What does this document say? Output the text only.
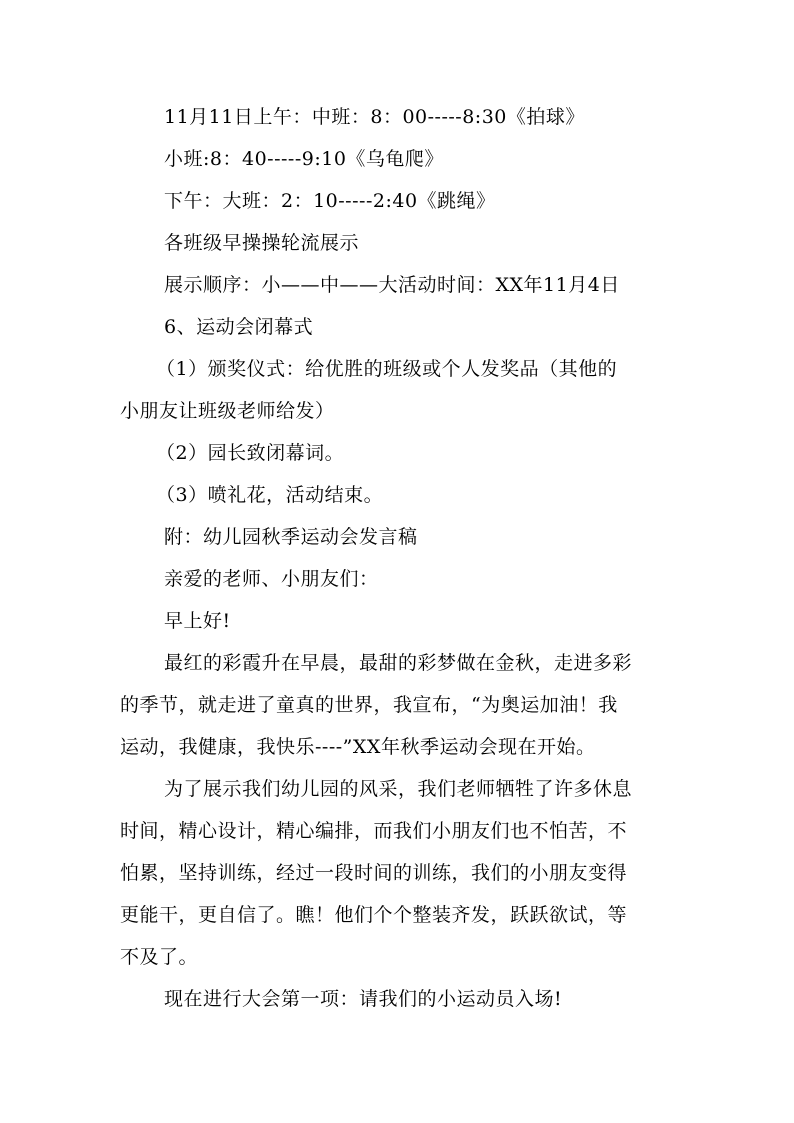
11月11日上午：中班：8：00-----8:30《拍球》
小班:8：40-----9:10《乌龟爬》
下午：大班：2：10-----2:40《跳绳》
各班级早操操轮流展示
展示顺序：小——中——大活动时间：XX年11月4日
6、运动会闭幕式
（1）颁奖仪式：给优胜的班级或个人发奖品（其他的
小朋友让班级老师给发）
（2）园长致闭幕词。
（3）喷礼花，活动结束。
附：幼儿园秋季运动会发言稿
亲爱的老师、小朋友们：
早上好!
最红的彩霞升在早晨，最甜的彩梦做在金秋，走进多彩
的季节，就走进了童真的世界，我宣布，“为奥运加油！我
运动，我健康，我快乐----”XX年秋季运动会现在开始。
为了展示我们幼儿园的风采，我们老师牺牲了许多休息
时间，精心设计，精心编排，而我们小朋友们也不怕苦，不
怕累，坚持训练，经过一段时间的训练，我们的小朋友变得
更能干，更自信了。瞧！他们个个整装齐发，跃跃欲试，等
不及了。
现在进行大会第一项：请我们的小运动员入场!
